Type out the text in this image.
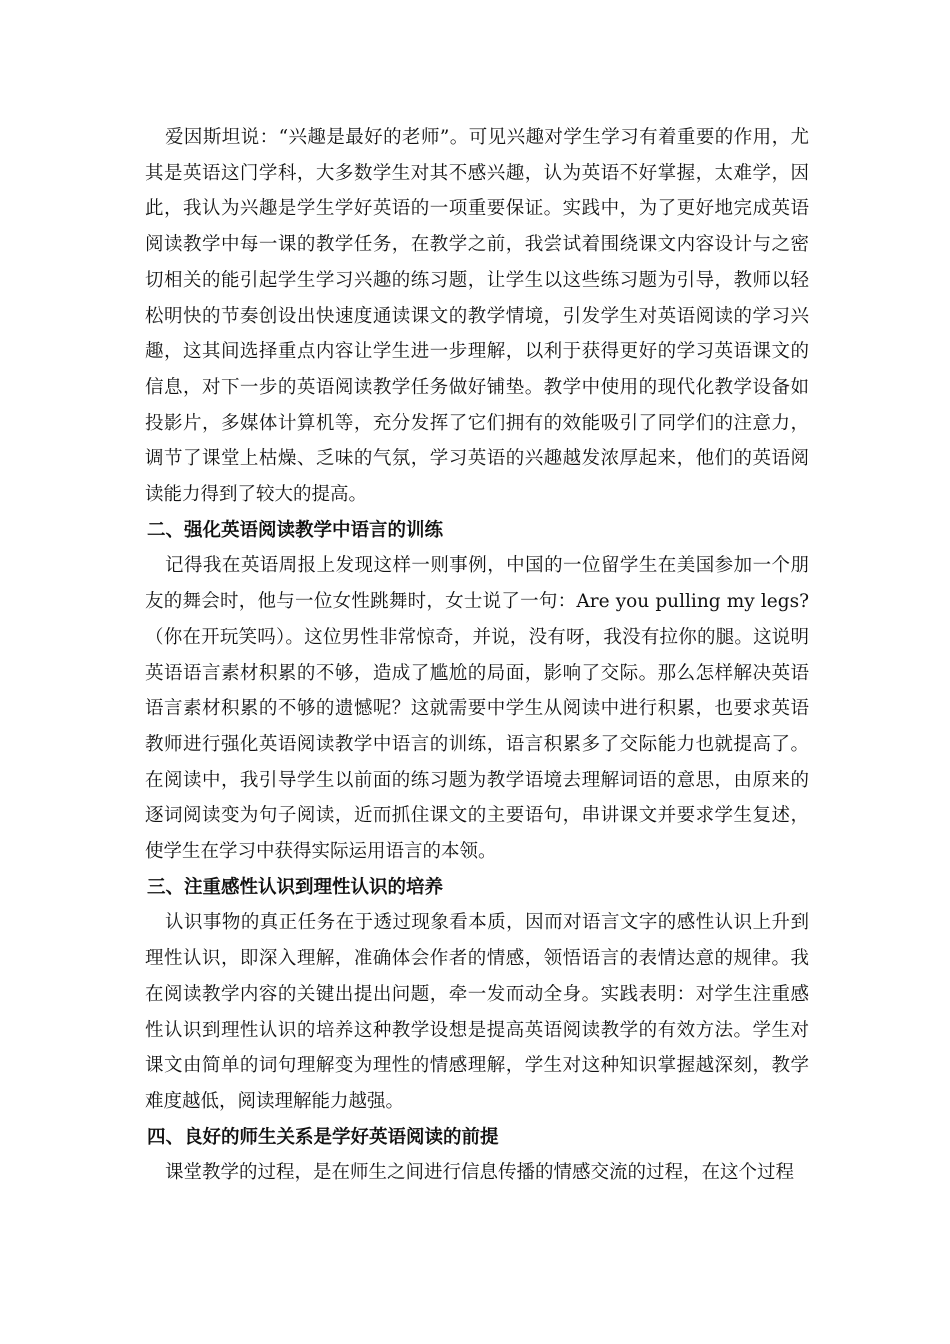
爱因斯坦说：“兴趣是最好的老师”。可见兴趣对学生学习有着重要的作用，尤其是英语这门学科，大多数学生对其不感兴趣，认为英语不好掌握，太难学，因此，我认为兴趣是学生学好英语的一项重要保证。实践中，为了更好地完成英语阅读教学中每一课的教学任务，在教学之前，我尝试着围绕课文内容设计与之密切相关的能引起学生学习兴趣的练习题，让学生以这些练习题为引导，教师以轻松明快的节奏创设出快速度通读课文的教学情境，引发学生对英语阅读的学习兴趣，这其间选择重点内容让学生进一步理解，以利于获得更好的学习英语课文的信息，对下一步的英语阅读教学任务做好铺垫。教学中使用的现代化教学设备如投影片，多媒体计算机等，充分发挥了它们拥有的效能吸引了同学们的注意力，调节了课堂上枯燥、乏味的气氛，学习英语的兴趣越发浓厚起来，他们的英语阅读能力得到了较大的提高。

二、强化英语阅读教学中语言的训练

记得我在英语周报上发现这样一则事例，中国的一位留学生在美国参加一个朋友的舞会时，他与一位女性跳舞时，女士说了一句：Are you pulling my legs?（你在开玩笑吗）。这位男性非常惊奇，并说，没有呀，我没有拉你的腿。这说明英语语言素材积累的不够，造成了尴尬的局面，影响了交际。那么怎样解决英语语言素材积累的不够的遗憾呢？这就需要中学生从阅读中进行积累，也要求英语教师进行强化英语阅读教学中语言的训练，语言积累多了交际能力也就提高了。在阅读中，我引导学生以前面的练习题为教学语境去理解词语的意思，由原来的逐词阅读变为句子阅读，近而抓住课文的主要语句，串讲课文并要求学生复述，使学生在学习中获得实际运用语言的本领。

三、注重感性认识到理性认识的培养

认识事物的真正任务在于透过现象看本质，因而对语言文字的感性认识上升到理性认识，即深入理解，准确体会作者的情感，领悟语言的表情达意的规律。我在阅读教学内容的关键出提出问题，牵一发而动全身。实践表明：对学生注重感性认识到理性认识的培养这种教学设想是提高英语阅读教学的有效方法。学生对课文由简单的词句理解变为理性的情感理解，学生对这种知识掌握越深刻，教学难度越低，阅读理解能力越强。

四、良好的师生关系是学好英语阅读的前提

课堂教学的过程，是在师生之间进行信息传播的情感交流的过程，在这个过程
